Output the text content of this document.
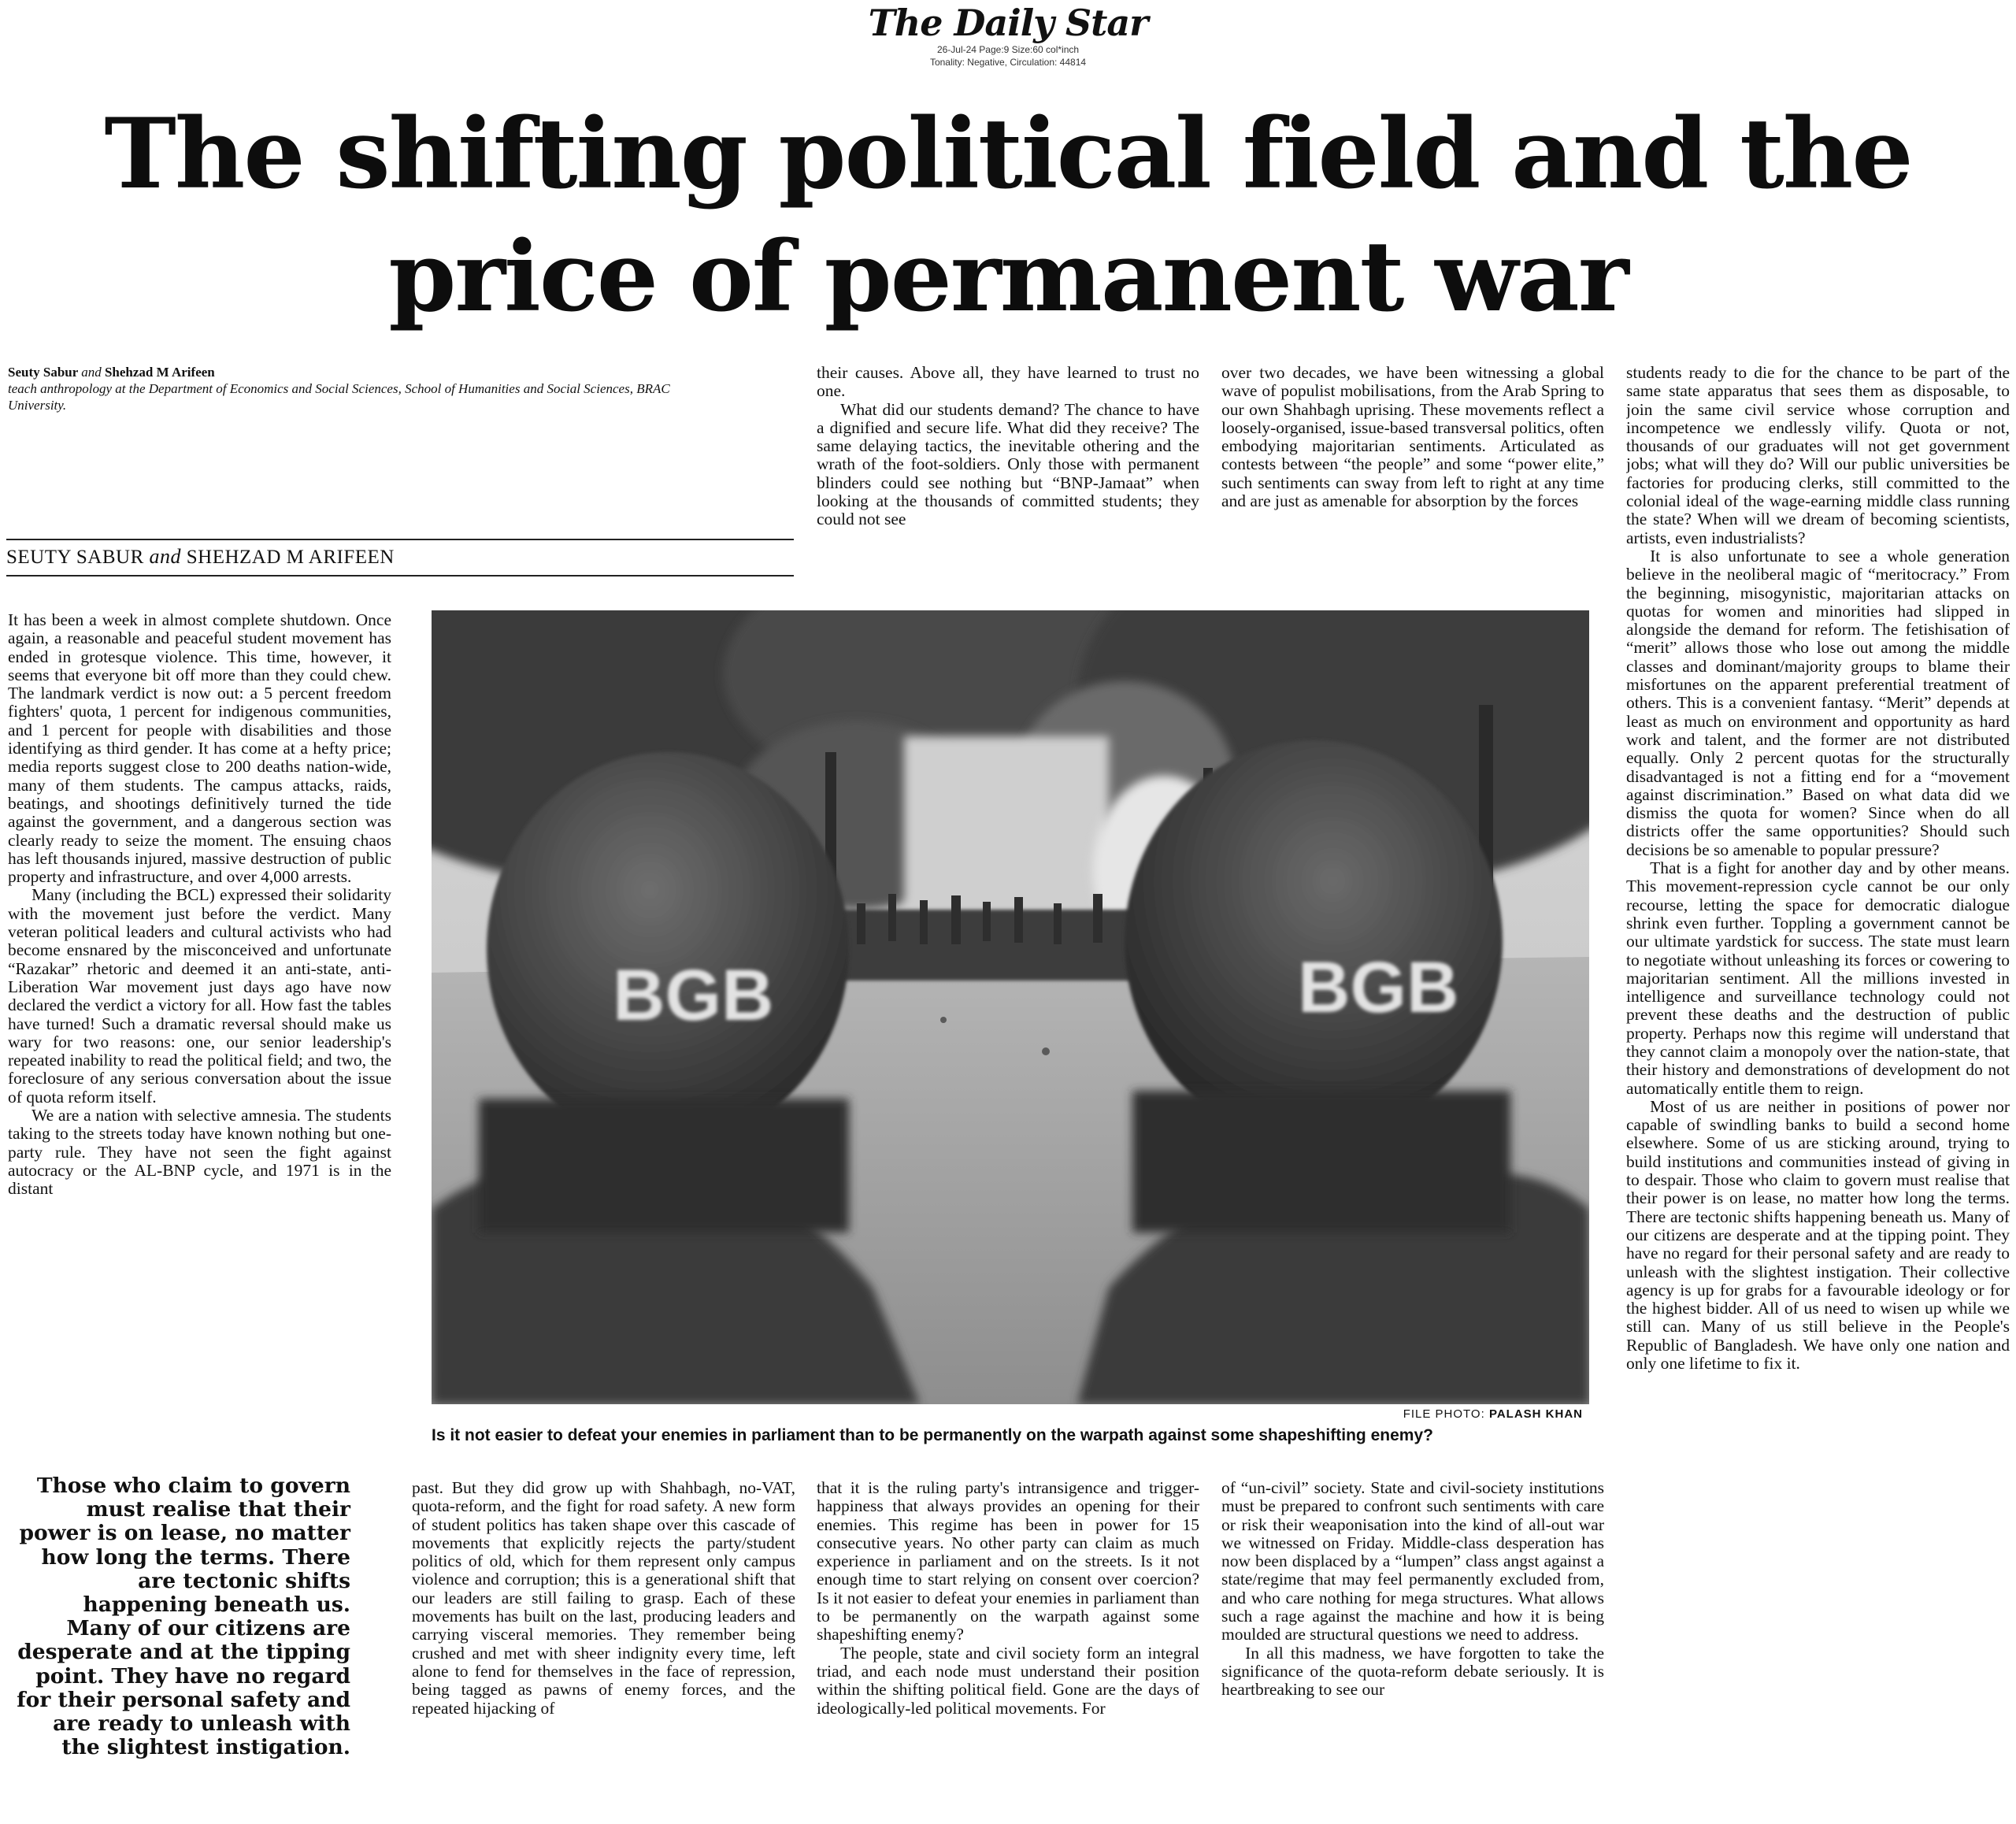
The Daily Star
26-Jul-24 Page:9 Size:60 col*inch
Tonality: Negative, Circulation: 44814
The shifting political field and the
price of permanent war
Seuty Sabur and Shehzad M Arifeen
teach anthropology at the Department of Economics and Social Sciences, School of Humanities and Social Sciences, BRAC University.
SEUTY SABUR and SHEHZAD M ARIFEEN

It has been a week in almost complete shutdown. Once again, a reasonable and peaceful student movement has ended in grotesque violence. This time, however, it seems that everyone bit off more than they could chew. The landmark verdict is now out: a 5 percent freedom fighters' quota, 1 percent for indigenous communities, and 1 percent for people with disabilities and those identifying as third gender. It has come at a hefty price; media reports suggest close to 200 deaths nation-wide, many of them students. The campus attacks, raids, beatings, and shootings definitively turned the tide against the government, and a dangerous section was clearly ready to seize the moment. The ensuing chaos has left thousands injured, massive destruction of public property and infrastructure, and over 4,000 arrests.

Many (including the BCL) expressed their solidarity with the movement just before the verdict. Many veteran political leaders and cultural activists who had become ensnared by the misconceived and unfortunate “Razakar” rhetoric and deemed it an anti-state, anti-Liberation War movement just days ago have now declared the verdict a victory for all. How fast the tables have turned! Such a dramatic reversal should make us wary for two reasons: one, our senior leadership's repeated inability to read the political field; and two, the foreclosure of any serious conversation about the issue of quota reform itself.

We are a nation with selective amnesia. The students taking to the streets today have known nothing but one-party rule. They have not seen the fight against autocracy or the AL-BNP cycle, and 1971 is in the distant

their causes. Above all, they have learned to trust no one.

What did our students demand? The chance to have a dignified and secure life. What did they receive? The same delaying tactics, the inevitable othering and the wrath of the foot-soldiers. Only those with permanent blinders could see nothing but “BNP-Jamaat” when looking at the thousands of committed students; they could not see

over two decades, we have been witnessing a global wave of populist mobilisations, from the Arab Spring to our own Shahbagh uprising. These movements reflect a loosely-organised, issue-based transversal politics, often embodying majoritarian sentiments. Articulated as contests between “the people” and some “power elite,” such sentiments can sway from left to right at any time and are just as amenable for absorption by the forces

students ready to die for the chance to be part of the same state apparatus that sees them as disposable, to join the same civil service whose corruption and incompetence we endlessly vilify. Quota or not, thousands of our graduates will not get government jobs; what will they do? Will our public universities be factories for producing clerks, still committed to the colonial ideal of the wage-earning middle class running the state? When will we dream of becoming scientists, artists, even industrialists?

It is also unfortunate to see a whole generation believe in the neoliberal magic of “meritocracy.” From the beginning, misogynistic, majoritarian attacks on quotas for women and minorities had slipped in alongside the demand for reform. The fetishisation of “merit” allows those who lose out among the middle classes and dominant/majority groups to blame their misfortunes on the apparent preferential treatment of others. This is a convenient fantasy. “Merit” depends at least as much on environment and opportunity as hard work and talent, and the former are not distributed equally. Only 2 percent quotas for the structurally disadvantaged is not a fitting end for a “movement against discrimination.” Based on what data did we dismiss the quota for women? Since when do all districts offer the same opportunities? Should such decisions be so amenable to popular pressure?

That is a fight for another day and by other means. This movement-repression cycle cannot be our only recourse, letting the space for democratic dialogue shrink even further. Toppling a government cannot be our ultimate yardstick for success. The state must learn to negotiate without unleashing its forces or cowering to majoritarian sentiment. All the millions invested in intelligence and surveillance technology could not prevent these deaths and the destruction of public property. Perhaps now this regime will understand that they cannot claim a monopoly over the nation-state, that their history and demonstrations of development do not automatically entitle them to reign.

Most of us are neither in positions of power nor capable of swindling banks to build a second home elsewhere. Some of us are sticking around, trying to build institutions and communities instead of giving in to despair. Those who claim to govern must realise that their power is on lease, no matter how long the terms. There are tectonic shifts happening beneath us. Many of our citizens are desperate and at the tipping point. They have no regard for their personal safety and are ready to unleash with the slightest instigation. Their collective agency is up for grabs for a favourable ideology or for the highest bidder. All of us need to wisen up while we still can. Many of us still believe in the People's Republic of Bangladesh. We have only one nation and only one lifetime to fix it.

BGB	BGB
FILE PHOTO: PALASH KHAN
Is it not easier to defeat your enemies in parliament than to be permanently on the warpath against some shapeshifting enemy?
Those who claim to govern must realise that their power is on lease, no matter how long the terms. There are tectonic shifts happening beneath us. Many of our citizens are desperate and at the tipping point. They have no regard for their personal safety and are ready to unleash with the slightest instigation.

past. But they did grow up with Shahbagh, no-VAT, quota-reform, and the fight for road safety. A new form of student politics has taken shape over this cascade of movements that explicitly rejects the party/student politics of old, which for them represent only campus violence and corruption; this is a generational shift that our leaders are still failing to grasp. Each of these movements has built on the last, producing leaders and carrying visceral memories. They remember being crushed and met with sheer indignity every time, left alone to fend for themselves in the face of repression, being tagged as pawns of enemy forces, and the repeated hijacking of

that it is the ruling party's intransigence and trigger-happiness that always provides an opening for their enemies. This regime has been in power for 15 consecutive years. No other party can claim as much experience in parliament and on the streets. Is it not enough time to start relying on consent over coercion? Is it not easier to defeat your enemies in parliament than to be permanently on the warpath against some shapeshifting enemy?

The people, state and civil society form an integral triad, and each node must understand their position within the shifting political field. Gone are the days of ideologically-led political movements. For

of “un-civil” society. State and civil-society institutions must be prepared to confront such sentiments with care or risk their weaponisation into the kind of all-out war we witnessed on Friday. Middle-class desperation has now been displaced by a “lumpen” class angst against a state/regime that may feel permanently excluded from, and who care nothing for mega structures. What allows such a rage against the machine and how it is being moulded are structural questions we need to address.

In all this madness, we have forgotten to take the significance of the quota-reform debate seriously. It is heartbreaking to see our
